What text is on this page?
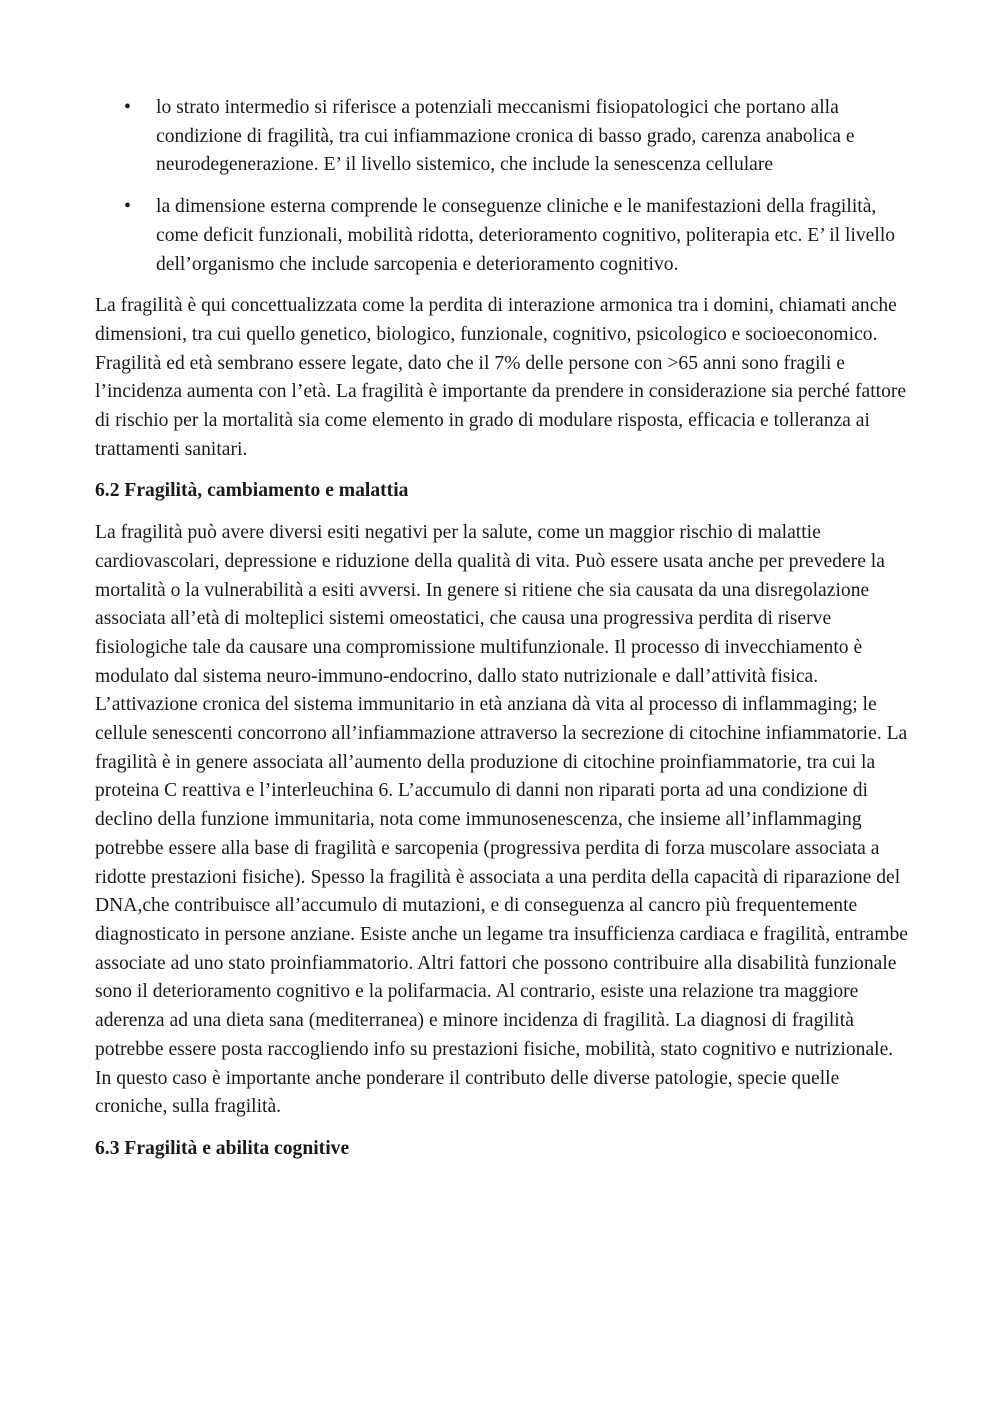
• lo strato intermedio si riferisce a potenziali meccanismi fisiopatologici che portano alla condizione di fragilità, tra cui infiammazione cronica di basso grado, carenza anabolica e neurodegenerazione. E’ il livello sistemico, che include la senescenza cellulare
• la dimensione esterna comprende le conseguenze cliniche e le manifestazioni della fragilità, come deficit funzionali, mobilità ridotta, deterioramento cognitivo, politerapia etc. E’ il livello dell’organismo che include sarcopenia e deterioramento cognitivo.

La fragilità è qui concettualizzata come la perdita di interazione armonica tra i domini, chiamati anche dimensioni, tra cui quello genetico, biologico, funzionale, cognitivo, psicologico e socioeconomico. Fragilità ed età sembrano essere legate, dato che il 7% delle persone con >65 anni sono fragili e l’incidenza aumenta con l’età. La fragilità è importante da prendere in considerazione sia perché fattore di rischio per la mortalità sia come elemento in grado di modulare risposta, efficacia e tolleranza ai trattamenti sanitari.

6.2 Fragilità, cambiamento e malattia

La fragilità può avere diversi esiti negativi per la salute, come un maggior rischio di malattie cardiovascolari, depressione e riduzione della qualità di vita. Può essere usata anche per prevedere la mortalità o la vulnerabilità a esiti avversi. In genere si ritiene che sia causata da una disregolazione associata all’età di molteplici sistemi omeostatici, che causa una progressiva perdita di riserve fisiologiche tale da causare una compromissione multifunzionale. Il processo di invecchiamento è modulato dal sistema neuro-immuno-endocrino, dallo stato nutrizionale e dall’attività fisica. L’attivazione cronica del sistema immunitario in età anziana dà vita al processo di inflammaging; le cellule senescenti concorrono all’infiammazione attraverso la secrezione di citochine infiammatorie. La fragilità è in genere associata all’aumento della produzione di citochine proinfiammatorie, tra cui la proteina C reattiva e l’interleuchina 6. L’accumulo di danni non riparati porta ad una condizione di declino della funzione immunitaria, nota come immunosenescenza, che insieme all’inflammaging potrebbe essere alla base di fragilità e sarcopenia (progressiva perdita di forza muscolare associata a ridotte prestazioni fisiche). Spesso la fragilità è associata a una perdita della capacità di riparazione del DNA,che contribuisce all’accumulo di mutazioni, e di conseguenza al cancro più frequentemente diagnosticato in persone anziane. Esiste anche un legame tra insufficienza cardiaca e fragilità, entrambe associate ad uno stato proinfiammatorio. Altri fattori che possono contribuire alla disabilità funzionale sono il deterioramento cognitivo e la polifarmacia. Al contrario, esiste una relazione tra maggiore aderenza ad una dieta sana (mediterranea) e minore incidenza di fragilità. La diagnosi di fragilità potrebbe essere posta raccogliendo info su prestazioni fisiche, mobilità, stato cognitivo e nutrizionale. In questo caso è importante anche ponderare il contributo delle diverse patologie, specie quelle croniche, sulla fragilità.

6.3 Fragilità e abilita cognitive
